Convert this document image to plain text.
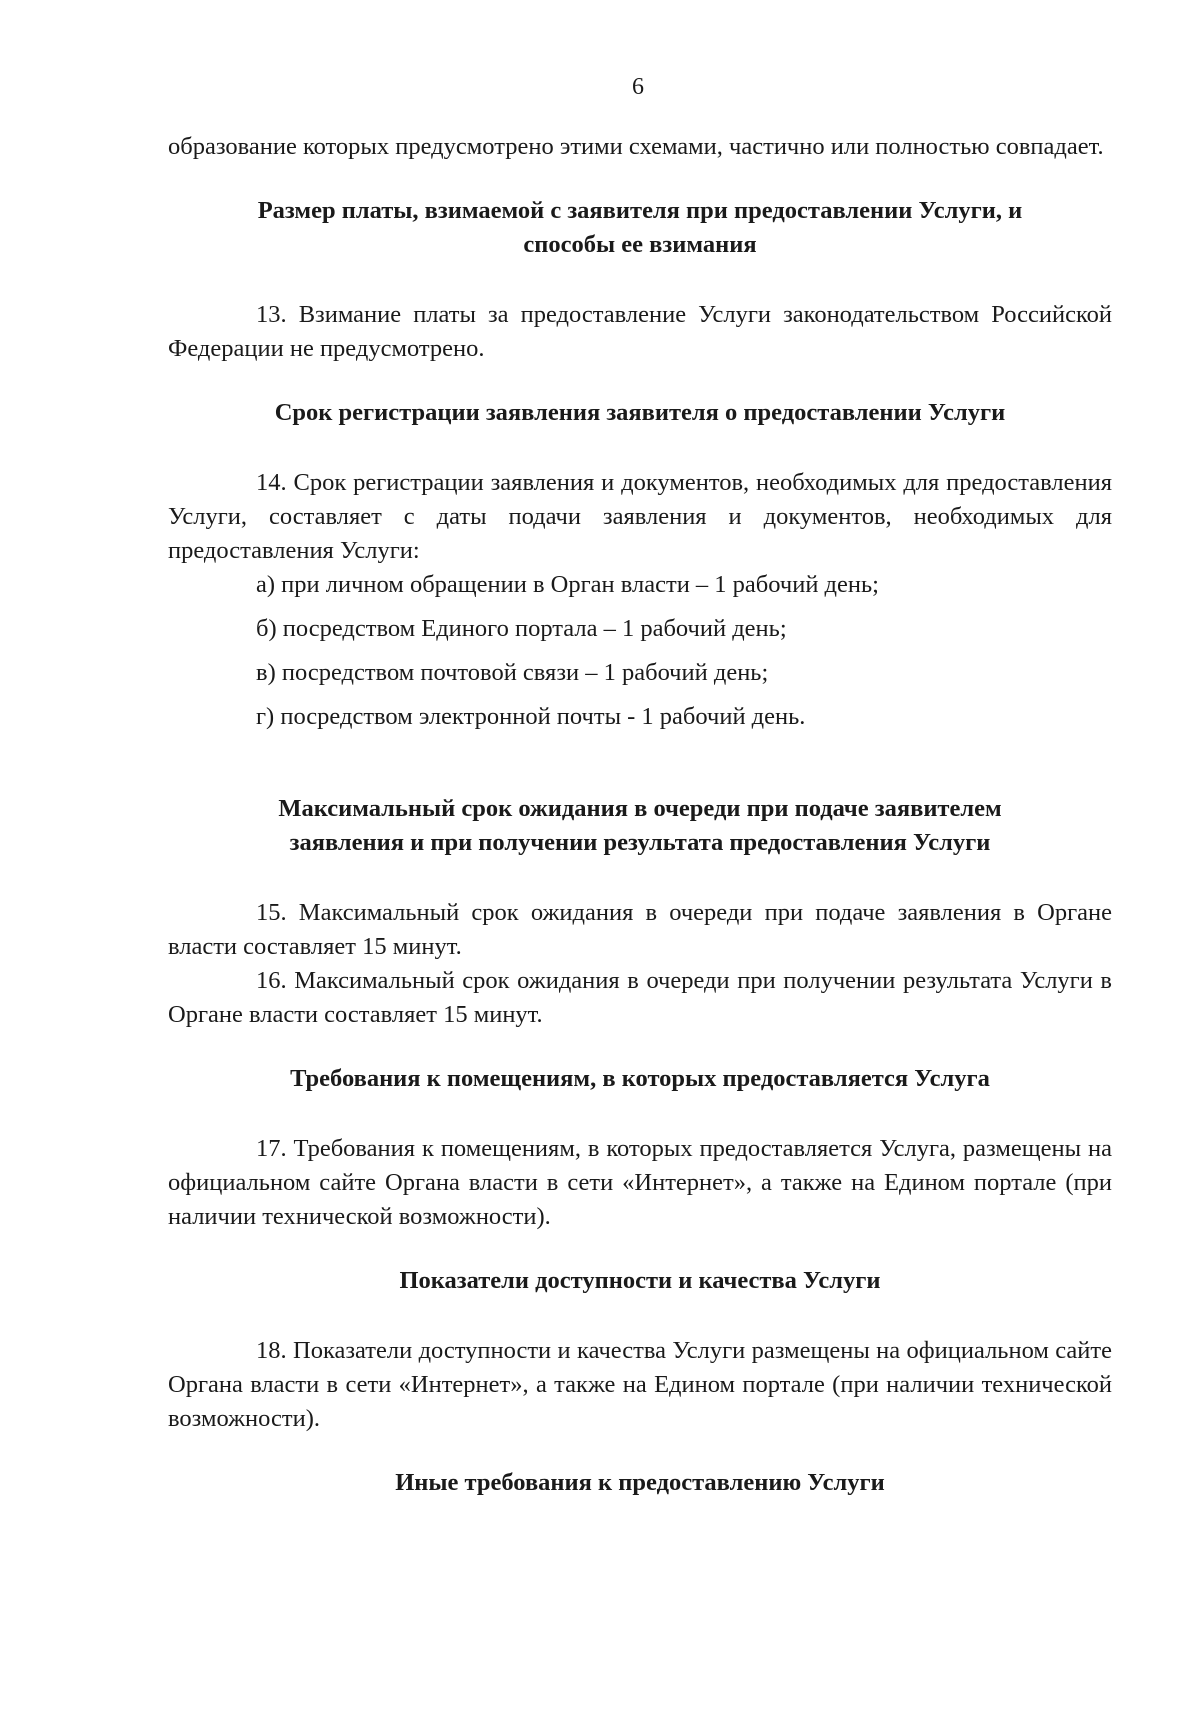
6

образование которых предусмотрено этими схемами, частично или полностью совпадает.

Размер платы, взимаемой с заявителя при предоставлении Услуги, и

способы ее взимания

13. Взимание платы за предоставление Услуги законодательством Российской Федерации не предусмотрено.

Срок регистрации заявления заявителя о предоставлении Услуги

14. Срок регистрации заявления и документов, необходимых для предоставления Услуги, составляет с даты подачи заявления и документов, необходимых для предоставления Услуги:

а) при личном обращении в Орган власти – 1 рабочий день;

б) посредством Единого портала – 1 рабочий день;

в) посредством почтовой связи – 1 рабочий день;

г) посредством электронной почты - 1 рабочий день.

Максимальный срок ожидания в очереди при подаче заявителем

заявления и при получении результата предоставления Услуги

15. Максимальный срок ожидания в очереди при подаче заявления в Органе власти составляет 15 минут.

16. Максимальный срок ожидания в очереди при получении результата Услуги в Органе власти составляет 15 минут.

Требования к помещениям, в которых предоставляется Услуга

17. Требования к помещениям, в которых предоставляется Услуга, размещены на официальном сайте Органа власти в сети «Интернет», а также на Едином портале (при наличии технической возможности).

Показатели доступности и качества Услуги

18. Показатели доступности и качества Услуги размещены на официальном сайте Органа власти в сети «Интернет», а также на Едином портале (при наличии технической возможности).

Иные требования к предоставлению Услуги
